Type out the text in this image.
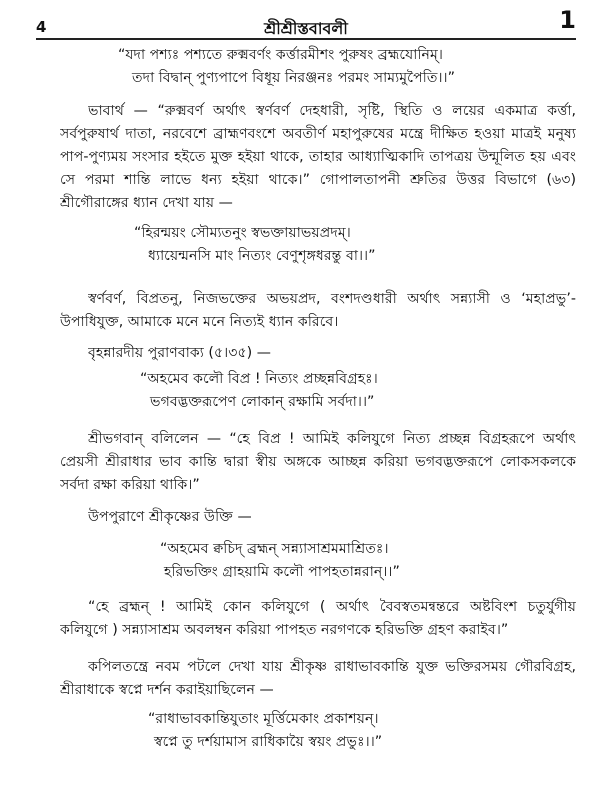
4	শ্রীশ্রীস্তবাবলী	1
“যদা পশ্যঃ পশ্যতে রুক্মবর্ণং কর্ত্তারমীশং পুরুষং ব্রহ্মযোনিম্।
তদা বিদ্বান্ পুণ্যপাপে বিধূয় নিরঞ্জনঃ পরমং সাম্যমুপৈতি।।”
ভাবার্থ — “রুক্মবর্ণ অর্থাৎ স্বর্ণবর্ণ দেহধারী, সৃষ্টি, স্থিতি ও লয়ের একমাত্র কর্ত্তা,
সর্বপুরুষার্থ দাতা, নরবেশে ব্রাহ্মণবংশে অবতীর্ণ মহাপুরুষের মন্ত্রে দীক্ষিত হওয়া মাত্রই মনুষ্য
পাপ-পুণ্যময় সংসার হইতে মুক্ত হইয়া থাকে, তাহার আধ্যাত্মিকাদি তাপত্রয় উন্মূলিত হয় এবং
সে পরমা শান্তি লাভে ধন্য হইয়া থাকে।” গোপালতাপনী শ্রুতির উত্তর বিভাগে (৬৩)
শ্রীগৌরাঙ্গের ধ্যান দেখা যায় —
“হিরন্ময়ং সৌম্যতনুং স্বভক্তায়াভয়প্রদম্।
ধ্যায়েন্মনসি মাং নিত্যং বেণুশৃঙ্গধরন্তু বা।।”
স্বর্ণবর্ণ, বিপ্রতনু, নিজভক্তের অভয়প্রদ, বংশদণ্ডধারী অর্থাৎ সন্ন্যাসী ও ‘মহাপ্রভু’-
উপাধিযুক্ত, আমাকে মনে মনে নিত্যই ধ্যান করিবে।
বৃহন্নারদীয় পুরাণবাক্য (৫।৩৫) —
“অহমেব কলৌ বিপ্র ! নিত্যং প্রচ্ছন্নবিগ্রহঃ।
ভগবদ্ভক্তরূপেণ লোকান্ রক্ষামি সর্বদা।।”
শ্রীভগবান্ বলিলেন — “হে বিপ্র ! আমিই কলিযুগে নিত্য প্রচ্ছন্ন বিগ্রহরূপে অর্থাৎ
প্রেয়সী শ্রীরাধার ভাব কান্তি দ্বারা স্বীয় অঙ্গকে আচ্ছন্ন করিয়া ভগবদ্ভক্তরূপে লোকসকলকে
সর্বদা রক্ষা করিয়া থাকি।”
উপপুরাণে শ্রীকৃষ্ণের উক্তি —
“অহমেব ক্বচিদ্ ব্রহ্মন্ সন্ন্যাসাশ্রমমাশ্রিতঃ।
হরিভক্তিং গ্রাহয়ামি কলৌ পাপহতান্নরান্।।”
“হে ব্রহ্মন্ ! আমিই কোন কলিযুগে ( অর্থাৎ বৈবস্বতমন্বন্তরে অষ্টবিংশ চতুর্যুগীয়
কলিযুগে ) সন্ন্যাসাশ্রম অবলম্বন করিয়া পাপহত নরগণকে হরিভক্তি গ্রহণ করাইব।”
কপিলতন্ত্রে নবম পটলে দেখা যায় শ্রীকৃষ্ণ রাধাভাবকান্তি যুক্ত ভক্তিরসময় গৌরবিগ্রহ,
শ্রীরাধাকে স্বপ্নে দর্শন করাইয়াছিলেন —
“রাধাভাবকান্তিযুতাং মূর্ত্তিমেকাং প্রকাশয়ন্।
স্বপ্নে তু দর্শয়ামাস রাধিকায়ৈ স্বয়ং প্রভুঃ।।”
